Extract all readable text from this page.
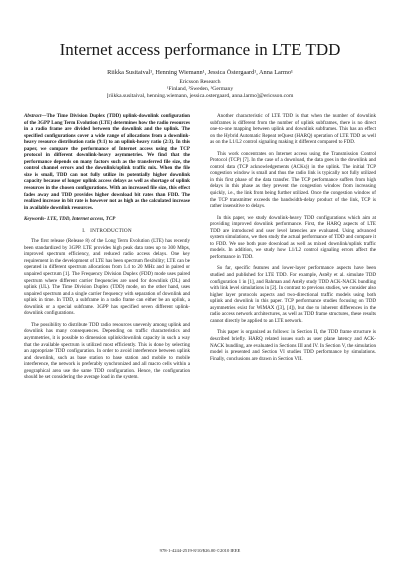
Internet access performance in LTE TDD
Riikka Susitaival¹, Henning Wiemann¹, Jessica Östergaard¹, Anna Larmo¹
Ericsson Research
¹Finland, ²Sweden, ³Germany
[riikka.susitaival, henning.wiemann, jessica.ostergaard, anna.larmo]@ericsson.com

Abstract—The Time Division Duplex (TDD) uplink-downlink configuration of the 3GPP Long Term Evolution (LTE) determines how the radio resources in a radio frame are divided between the downlink and the uplink. The specified configurations cover a wide range of allocations from a downlink-heavy resource distribution ratio (9:1) to an uplink-heavy ratio (2:3). In this paper, we compare the performance of Internet access using the TCP protocol in different downlink-heavy asymmetries. We find that the performance depends on many factors such as the transferred file size, the control channel errors and the downlink/uplink traffic mix. When the file size is small, TDD can not fully utilize its potentially higher downlink capacity because of longer uplink access delays as well as shortage of uplink resources in the chosen configurations. With an increased file size, this effect fades away and TDD provides higher download bit rates than FDD. The realized increase in bit rate is however not as high as the calculated increase in available downlink resources.

Keywords- LTE, TDD, Internet access, TCP

I. INTRODUCTION

The first release (Release 8) of the Long Term Evolution (LTE) has recently been standardized by 3GPP. LTE provides high peak data rates up to 300 Mbps, improved spectrum efficiency, and reduced radio access delays. One key requirement in the development of LTE has been spectrum flexibility; LTE can be operated in different spectrum allocations from 1.4 to 20 MHz and in paired or unpaired spectrum [1]. The Frequency Division Duplex (FDD) mode uses paired spectrum where different carrier frequencies are used for downlink (DL) and uplink (UL). The Time Division Duplex (TDD) mode, on the other hand, uses unpaired spectrum and a single carrier frequency with separation of downlink and uplink in time. In TDD, a subframe in a radio frame can either be an uplink, a downlink or a special subframe. 3GPP has specified seven different uplink-downlink configurations.

The possibility to distribute TDD radio resources unevenly among uplink and downlink has many consequences. Depending on traffic characteristics and asymmetries, it is possible to dimension uplink/downlink capacity in such a way that the available spectrum is utilized most efficiently. This is done by selecting an appropriate TDD configuration. In order to avoid interference between uplink and downlink, such as base station to base station and mobile to mobile interference, the network is preferably synchronized and all macro cells within a geographical area use the same TDD configuration. Hence, the configuration should be set considering the average load in the system.

Another characteristic of LTE TDD is that when the number of downlink subframes is different from the number of uplink subframes, there is no direct one-to-one mapping between uplink and downlink subframes. This has an effect on the Hybrid Automatic Repeat reQuest (HARQ) operation of LTE TDD as well as on the L1/L2 control signaling making it different compared to FDD.

This work concentrates on Internet access using the Transmission Control Protocol (TCP) [7]. In the case of a download, the data goes in the downlink and control data (TCP acknowledgements (ACKs)) in the uplink. The initial TCP congestion window is small and thus the radio link is typically not fully utilized in this first phase of the data transfer. The TCP performance suffers from high delays in this phase as they prevent the congestion window from increasing quickly, i.e., the link from being further utilized. Once the congestion window of the TCP transmitter exceeds the bandwidth-delay product of the link, TCP is rather insensitive to delays.

In this paper, we study downlink-heavy TDD configurations which aim at providing improved downlink performance. First, the HARQ aspects of LTE TDD are introduced and user level latencies are evaluated. Using advanced system simulations, we then study the actual performance of TDD and compare it to FDD. We use both pure download as well as mixed downlink/uplink traffic models. In addition, we study how L1/L2 control signaling errors affect the performance in TDD.

So far, specific features and lower-layer performance aspects have been studied and published for LTE TDD. For example, Astély et al. simulate TDD configuration 1 in [1], and Rahman and Astély study TDD ACK-NACK bundling with link level simulations in [2]. In contrast to previous studies, we consider also higher layer protocols aspects and two-directional traffic models using both uplink and downlink in this paper. TCP performance studies focusing on TDD asymmetries exist for WiMAX ([3], [4]), but due to inherent differences in the radio access network architectures, as well as TDD frame structures, these results cannot directly be applied to an LTE network.

This paper is organized as follows: in Section II, the TDD frame structure is described briefly. HARQ related issues such as user plane latency and ACK-NACK bundling, are evaluated in Sections III and IV. In Section V, the simulation model is presented and Section VI studies TDD performance by simulations. Finally, conclusions are drawn in Section VII.

978-1-4244-2519-8/10/$26.00 ©2010 IEEE
